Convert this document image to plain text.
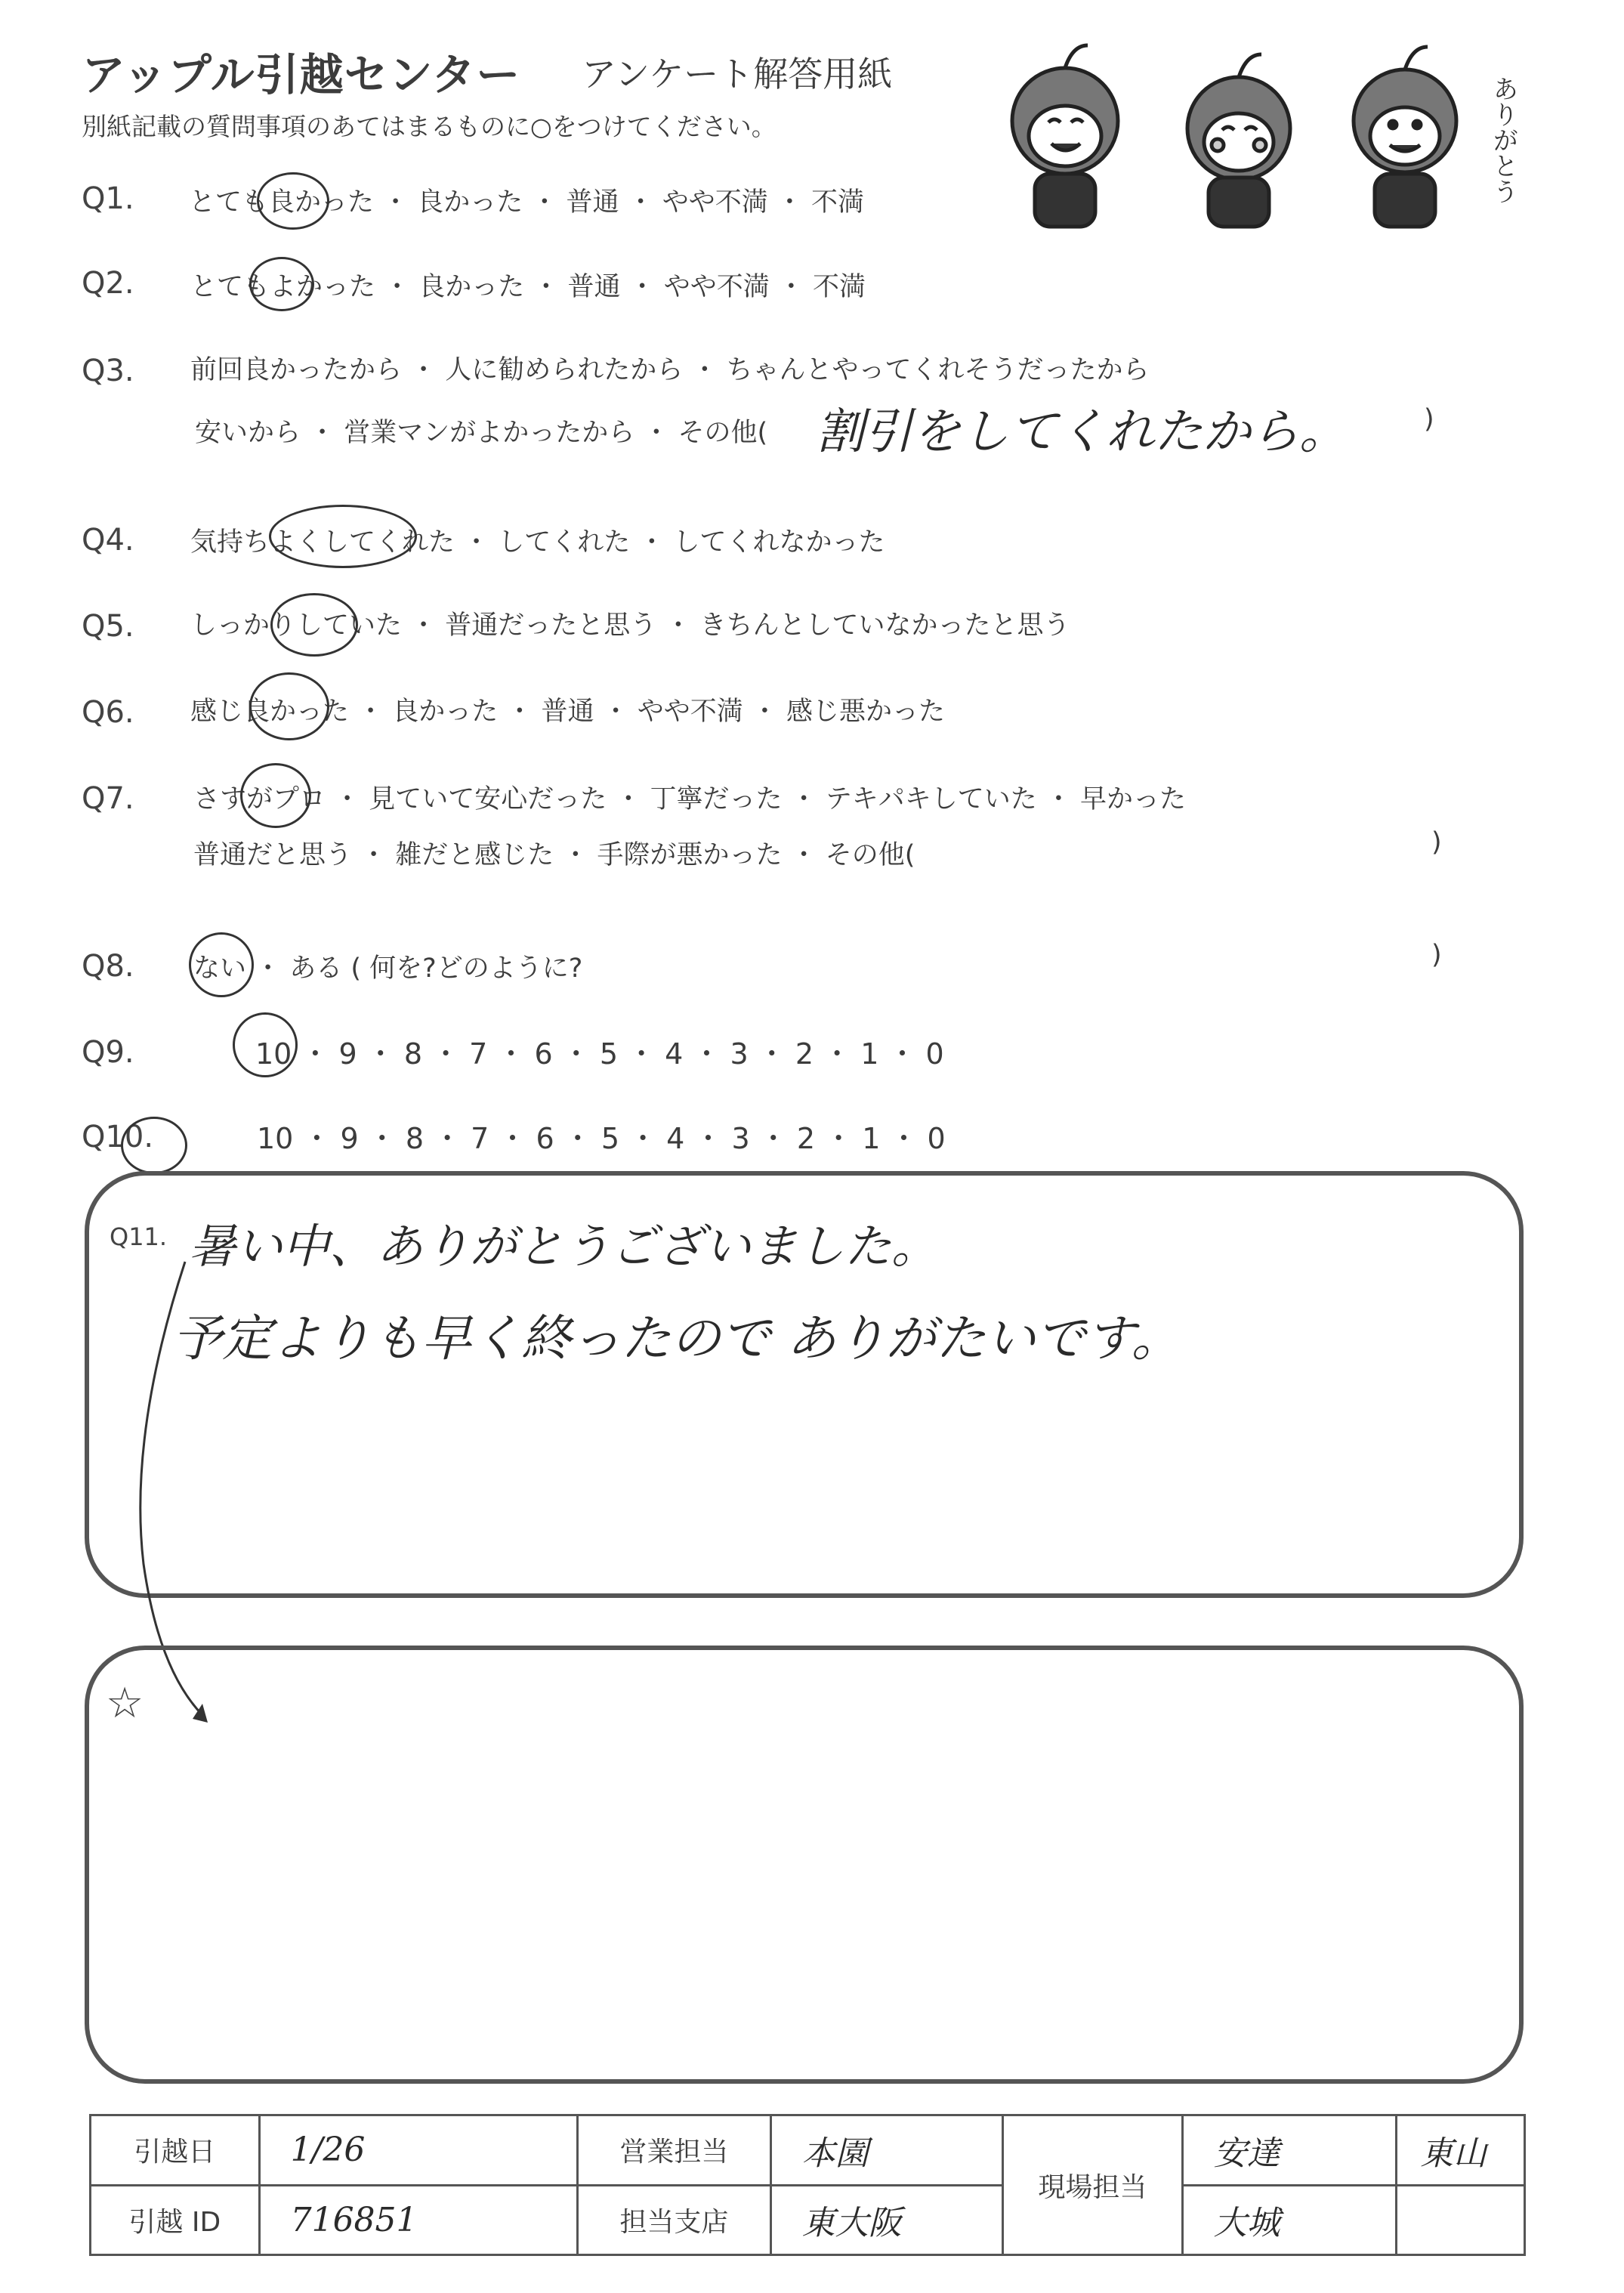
アップル引越センター アンケート解答用紙
別紙記載の質問事項のあてはまるものに○をつけてください。	ありがとう
Q1. とても良かった ・ 良かった ・ 普通 ・ やや不満 ・ 不満
Q2. とてもよかった ・ 良かった ・ 普通 ・ やや不満 ・ 不満
Q3. 前回良かったから ・ 人に勧められたから ・ ちゃんとやってくれそうだったから
安いから ・ 営業マンがよかったから ・ その他( 割引をしてくれたから。	)
Q4. 気持ちよくしてくれた ・ してくれた ・ してくれなかった
Q5. しっかりしていた ・ 普通だったと思う ・ きちんとしていなかったと思う
Q6. 感じ良かった ・ 良かった ・ 普通 ・ やや不満 ・ 感じ悪かった
Q7. さすがプロ ・ 見ていて安心だった ・ 丁寧だった ・ テキパキしていた ・ 早かった
普通だと思う ・ 雑だと感じた ・ 手際が悪かった ・ その他(	)
Q8. ない ・ ある ( 何を?どのように?	)
Q9.	10 ・ 9 ・ 8 ・ 7 ・ 6 ・ 5 ・ 4 ・ 3 ・ 2 ・ 1 ・ 0
Q10.	10 ・ 9 ・ 8 ・ 7 ・ 6 ・ 5 ・ 4 ・ 3 ・ 2 ・ 1 ・ 0
Q11. 暑い中、ありがとうございました。
予定よりも早く終ったので ありがたいです。
☆
引越日	1/26	営業担当	本園	現場担当	安達	東山
引越 ID	716851	担当支店	東大阪		大城	
